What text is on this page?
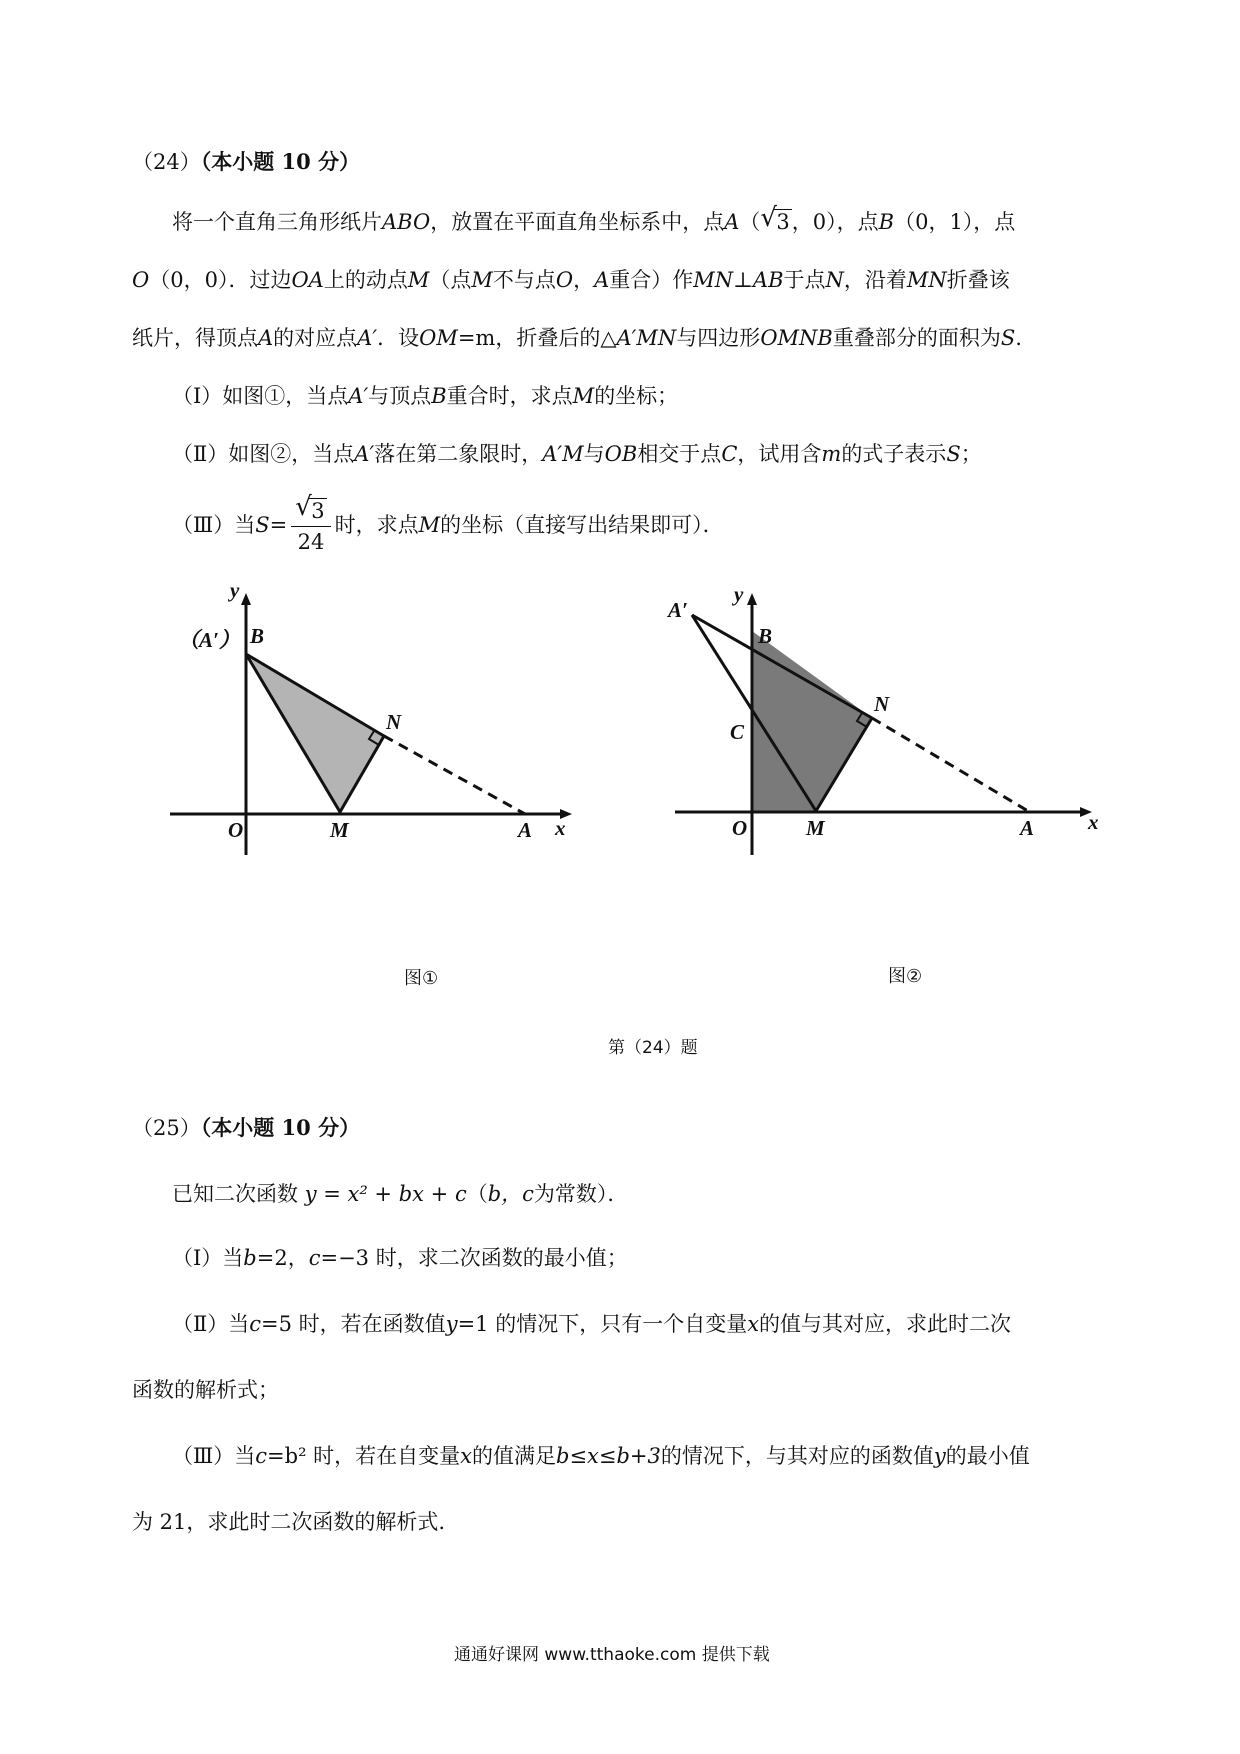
（24）（本小题 10 分）
将一个直角三角形纸片ABO，放置在平面直角坐标系中，点A（ √ 3，0），点B（0，1），点
O（0，0）．过边OA上的动点M（点M不与点O，A重合）作MN⊥AB于点N，沿着MN折叠该
纸片，得顶点A的对应点A′．设OM=m，折叠后的△A′MN与四边形OMNB重叠部分的面积为S.
（Ⅰ）如图①，当点A′与顶点B重合时，求点M的坐标；
（Ⅱ）如图②，当点A′落在第二象限时，A′M与OB相交于点C，试用含m的式子表示S；
（Ⅲ）当$S= \frac{√ 3}{24}$ 时，求点M的坐标（直接写出结果即可）．
y
（A′） B
N
O	M	A x
图①
y
A′
B
N
C
O	M	A	x
图②
第（24）题
（25）（本小题 10 分）
已知二次函数 y = x² + bx + c（b，c为常数）．
（Ⅰ）当b=2，c=−3 时，求二次函数的最小值；
（Ⅱ）当c=5 时，若在函数值y=1 的情况下，只有一个自变量x的值与其对应，求此时二次
函数的解析式；
（Ⅲ）当c=b² 时，若在自变量x的值满足b≤x≤b+3的情况下，与其对应的函数值y的最小值
为 21，求此时二次函数的解析式.
通通好课网 www.tthaoke.com 提供下载
